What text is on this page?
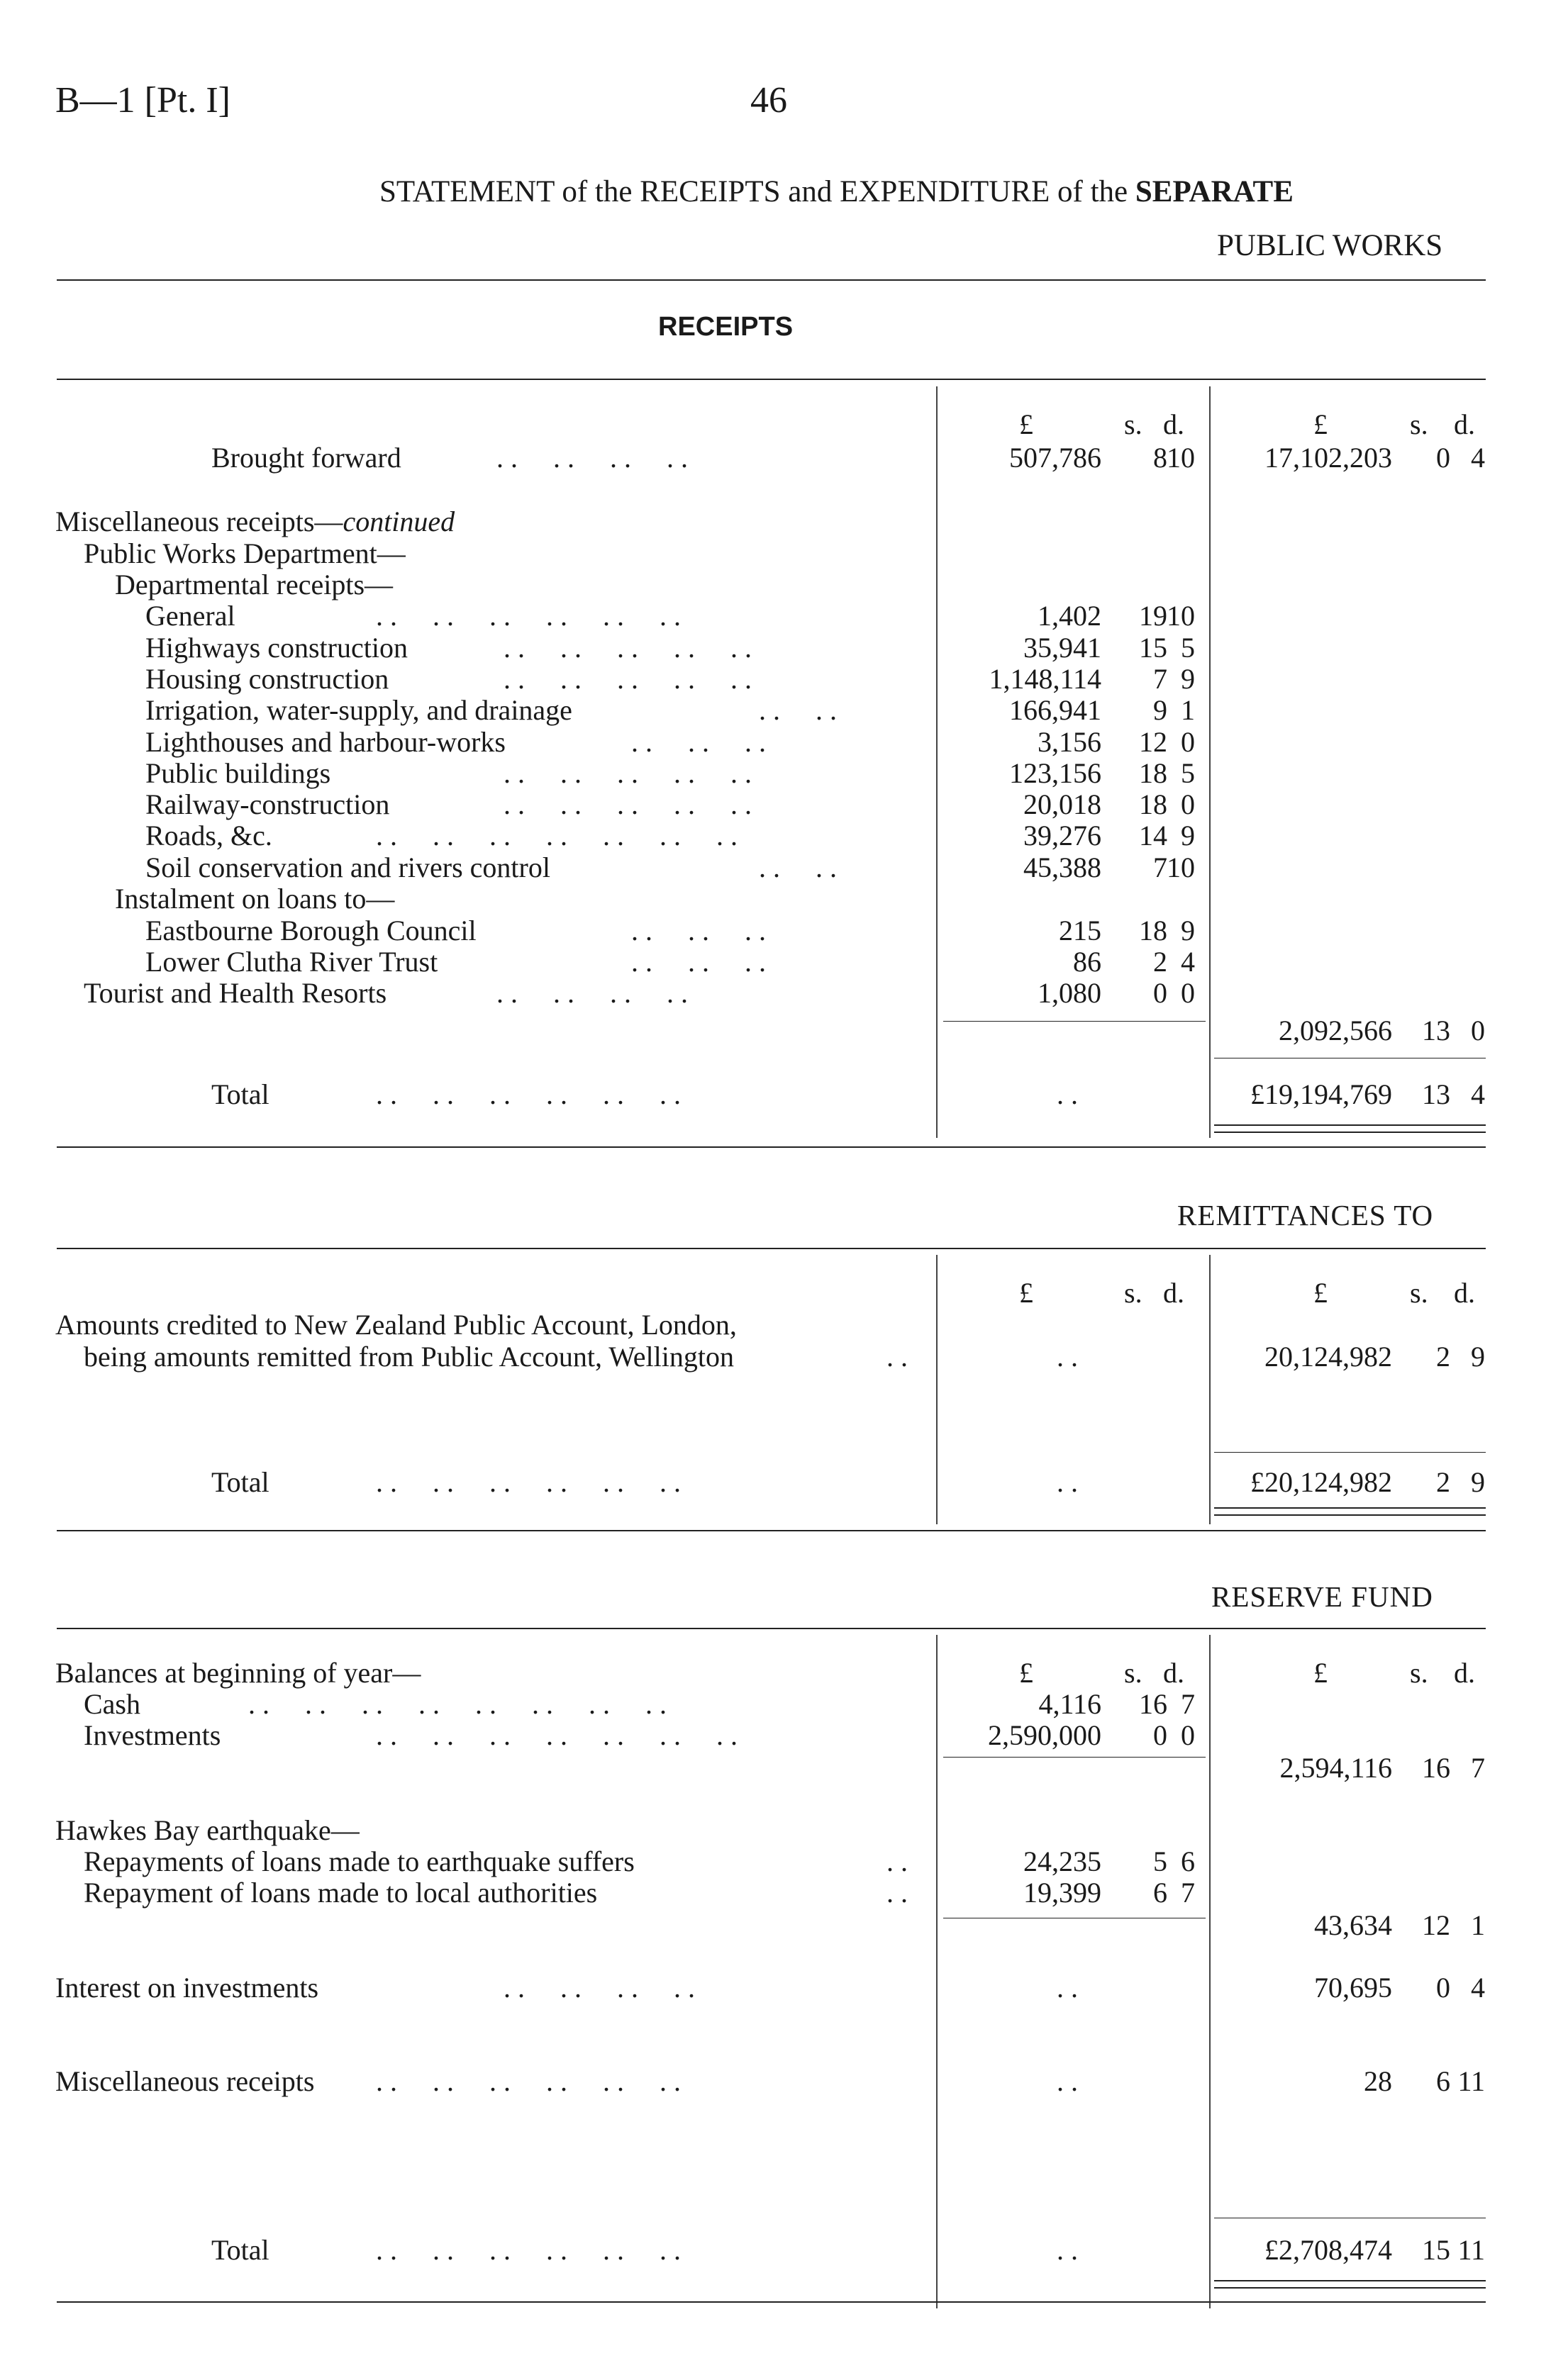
B—1 [Pt. I]	46
STATEMENT of the RECEIPTS and EXPENDITURE of the SEPARATE
PUBLIC WORKS
RECEIPTS
£	s. d.	£	s. d.
Brought forward	. .     . .     . .     . .	507,786 8 10 17,102,203 0 4
Miscellaneous receipts—continued
Public Works Department—
Departmental receipts—
General	. .     . .     . .     . .     . .     . .	1,402 19 10
Highways construction	. .     . .     . .     . .     . .	35,941 15 5
Housing construction	. .     . .     . .     . .     . .	1,148,114 7 9
Irrigation, water-supply, and drainage	. .     . .	166,941 9 1
Lighthouses and harbour-works	. .     . .     . .	3,156 12 0
Public buildings	. .     . .     . .     . .     . .	123,156 18 5
Railway-construction	. .     . .     . .     . .     . .	20,018 18 0
Roads, &c.	. .     . .     . .     . .     . .     . .     . .	39,276 14 9
Soil conservation and rivers control	. .     . .	45,388 7 10
Instalment on loans to—
Eastbourne Borough Council	. .     . .     . .	215 18 9
Lower Clutha River Trust	. .     . .     . .	86 2 4
Tourist and Health Resorts	. .     . .     . .     . .	1,080 0 0
2,092,566 13 0
Total	. .     . .     . .     . .     . .     . .	. .	£19,194,769 13 4
REMITTANCES TO
£	s. d.	£	s. d.
Amounts credited to New Zealand Public Account, London,
being amounts remitted from Public Account, Wellington	. .	. .	20,124,982 2 9
Total	. .     . .     . .     . .     . .     . .	. .	£20,124,982 2 9
RESERVE FUND
£	s. d.	£	s. d.
Balances at beginning of year—
Cash	. .     . .     . .     . .     . .     . .     . .     . .	4,116 16 7
Investments	. .     . .     . .     . .     . .     . .     . .	2,590,000 0 0
2,594,116 16 7
Hawkes Bay earthquake—
Repayments of loans made to earthquake suffers	. .	24,235 5 6
Repayment of loans made to local authorities	. .	19,399 6 7
43,634 12 1
Interest on investments	. .     . .     . .     . .	. .	70,695 0 4
Miscellaneous receipts . .     . .     . .     . .     . .     . .	. .	28 6 11
Total	. .     . .     . .     . .     . .     . .	. .	£2,708,474 15 11
